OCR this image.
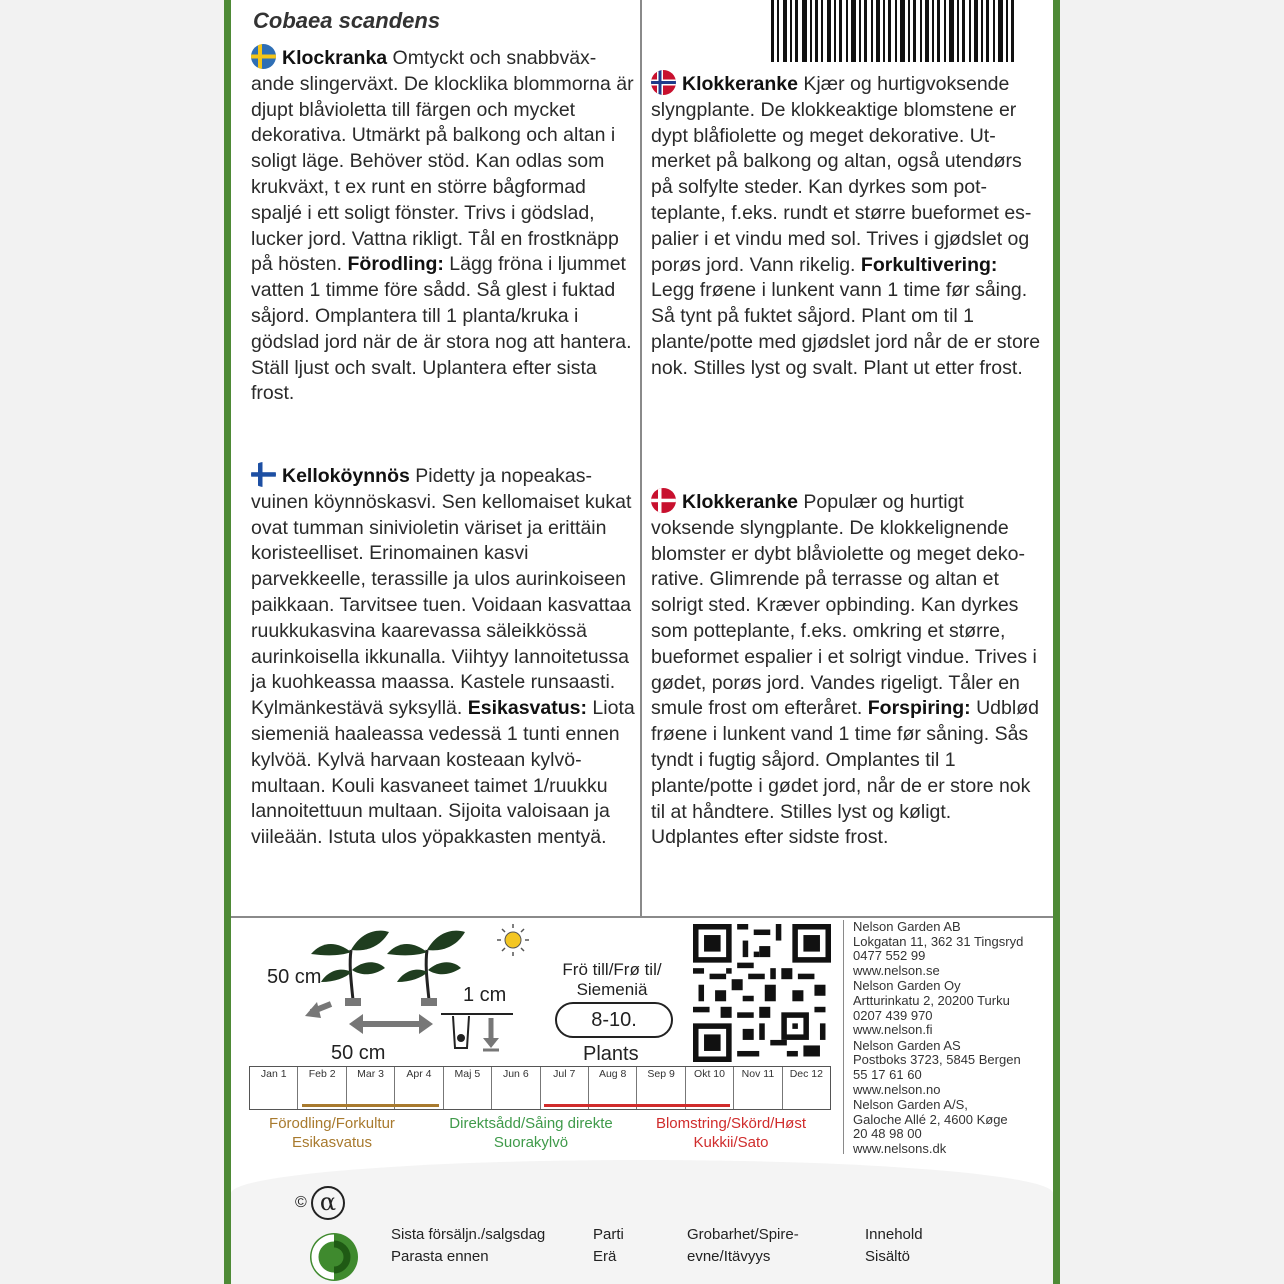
Cobaea scandens
Klockranka Omtyckt och snabbväx-ande slingerväxt. De klocklika blommorna är djupt blåvioletta till färgen och mycket dekorativa. Utmärkt på balkong och altan i soligt läge. Behöver stöd. Kan odlas som krukväxt, t ex runt en större bågformad spaljé i ett soligt fönster. Trivs i gödslad, lucker jord. Vattna rikligt. Tål en frostknäpp på hösten. Förodling: Lägg fröna i ljummet vatten 1 timme före sådd. Så glest i fuktad såjord. Omplantera till 1 planta/kruka i gödslad jord när de är stora nog att hantera. Ställ ljust och svalt. Uplantera efter sista frost.
Klokkeranke Kjær og hurtigvoksende slyngplante. De klokkeaktige blomstene er dypt blåfiolette og meget dekorative. Ut-merket på balkong og altan, også utendørs på solfylte steder. Kan dyrkes som pot-teplante, f.eks. rundt et større bueformet es-palier i et vindu med sol. Trives i gjødslet og porøs jord. Vann rikelig. Forkultivering: Legg frøene i lunkent vann 1 time før såing. Så tynt på fuktet såjord. Plant om til 1 plante/potte med gjødslet jord når de er store nok. Stilles lyst og svalt. Plant ut etter frost.
Kelloköynnös Pidetty ja nopeakas-vuinen köynnöskasvi. Sen kellomaiset kukat ovat tumman sinivioletin väriset ja erittäin koristeelliset. Erinomainen kasvi parvekkeelle, terassille ja ulos aurinkoiseen paikkaan. Tarvitsee tuen. Voidaan kasvattaa ruukkukasvina kaarevassa säleikkössä aurinkoisella ikkunalla. Viihtyy lannoitetussa ja kuohkeassa maassa. Kastele runsaasti. Kylmänkestävä syksyllä. Esikasvatus: Liota siemeniä haaleassa vedessä 1 tunti ennen kylvöä. Kylvä harvaan kosteaan kylvö-multaan. Kouli kasvaneet taimet 1/ruukku lannoitettuun multaan. Sijoita valoisaan ja viileään. Istuta ulos yöpakkasten mentyä.
Klokkeranke Populær og hurtigt voksende slyngplante. De klokkelignende blomster er dybt blåviolette og meget deko-rative. Glimrende på terrasse og altan et solrigt sted. Kræver opbinding. Kan dyrkes som potteplante, f.eks. omkring et større, bueformet espalier i et solrigt vindue. Trives i gødet, porøs jord. Vandes rigeligt. Tåler en smule frost om efteråret. Forspiring: Udblød frøene i lunkent vand 1 time før såning. Sås tyndt i fugtig såjord. Omplantes til 1 plante/potte i gødet jord, når de er store nok til at håndtere. Stilles lyst og køligt. Udplantes efter sidste frost.
50 cm
50 cm
1 cm
Frö till/Frø til/ Siemeniä
8-10.
Plants
Jan 1	Feb 2	Mar 3	Apr 4	Maj 5	Jun 6	Jul 7	Aug 8	Sep 9	Okt 10	Nov 11	Dec 12
Förodling/Forkultur
Esikasvatus
Direktsådd/Såing direkte
Suorakylvö
Blomstring/Skörd/Høst
Kukkii/Sato
Nelson Garden AB
Lokgatan 11, 362 31 Tingsryd
0477 552 99
www.nelson.se
Nelson Garden Oy
Artturinkatu 2, 20200 Turku
0207 439 970
www.nelson.fi
Nelson Garden AS
Postboks 3723, 5845 Bergen
55 17 61 60
www.nelson.no
Nelson Garden A/S,
Galoche Allé 2, 4600 Køge
20 48 98 00
www.nelsons.dk
© α
Sista försäljn./salgsdag
Parasta ennen
Parti
Erä
Grobarhet/Spire-
evne/Itävyys
Innehold
Sisältö
